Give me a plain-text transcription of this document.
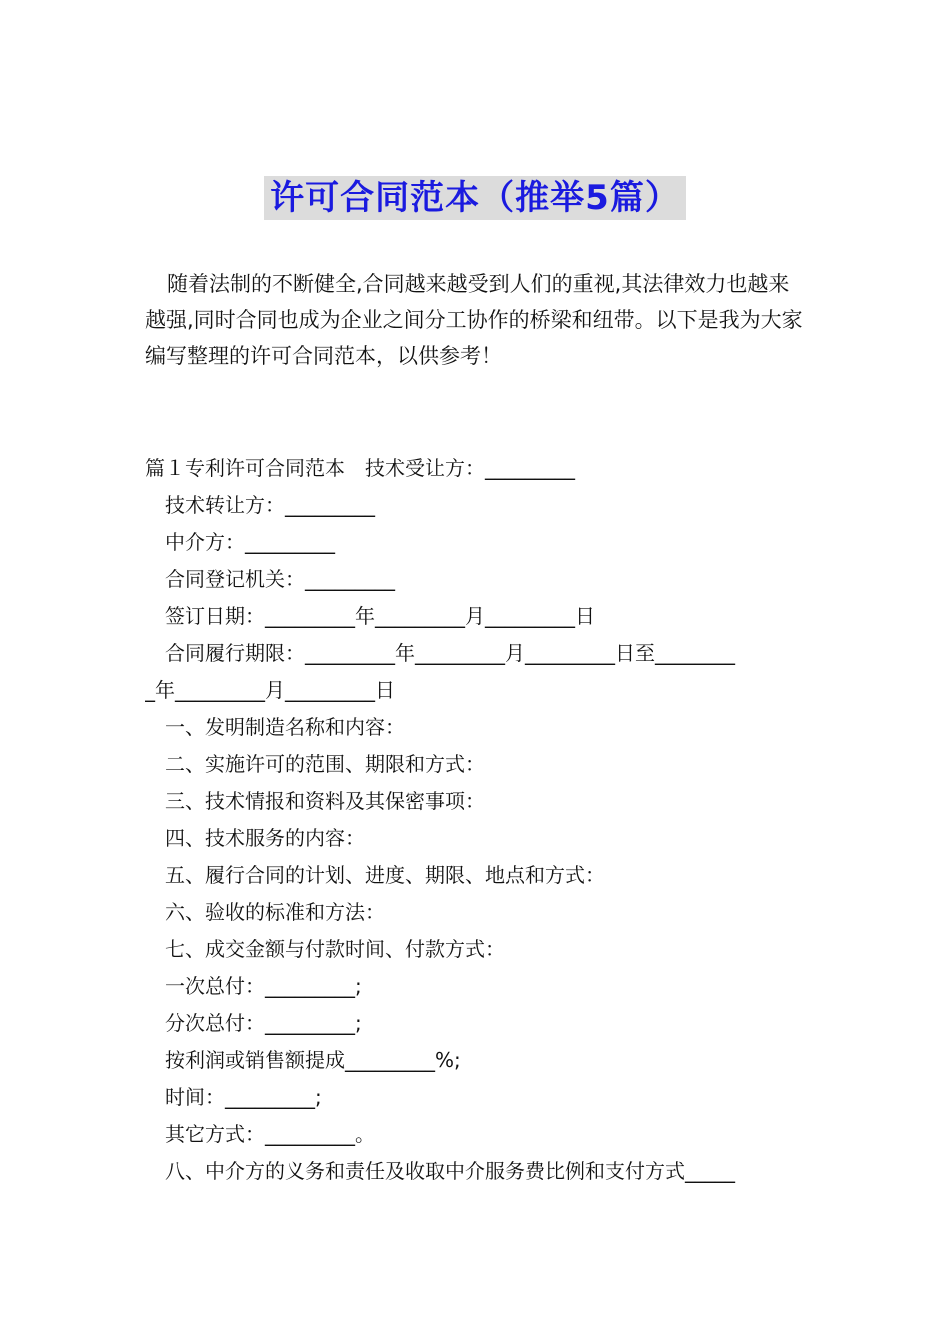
许可合同范本（推举5篇）
随着法制的不断健全,合同越来越受到人们的重视,其法律效力也越来越强,同时合同也成为企业之间分工协作的桥梁和纽带。以下是我为大家编写整理的许可合同范本，以供参考！
篇１专利许可合同范本　技术受让方：_________
技术转让方：_________
中介方：_________
合同登记机关：_________
签订日期：_________年_________月_________日
合同履行期限：_________年_________月_________日至________
_年_________月_________日
一、发明制造名称和内容：
二、实施许可的范围、期限和方式：
三、技术情报和资料及其保密事项：
四、技术服务的内容：
五、履行合同的计划、进度、期限、地点和方式：
六、验收的标准和方法：
七、成交金额与付款时间、付款方式：
一次总付：_________;
分次总付：_________;
按利润或销售额提成_________%;
时间：_________;
其它方式：_________。
八、中介方的义务和责任及收取中介服务费比例和支付方式_____
